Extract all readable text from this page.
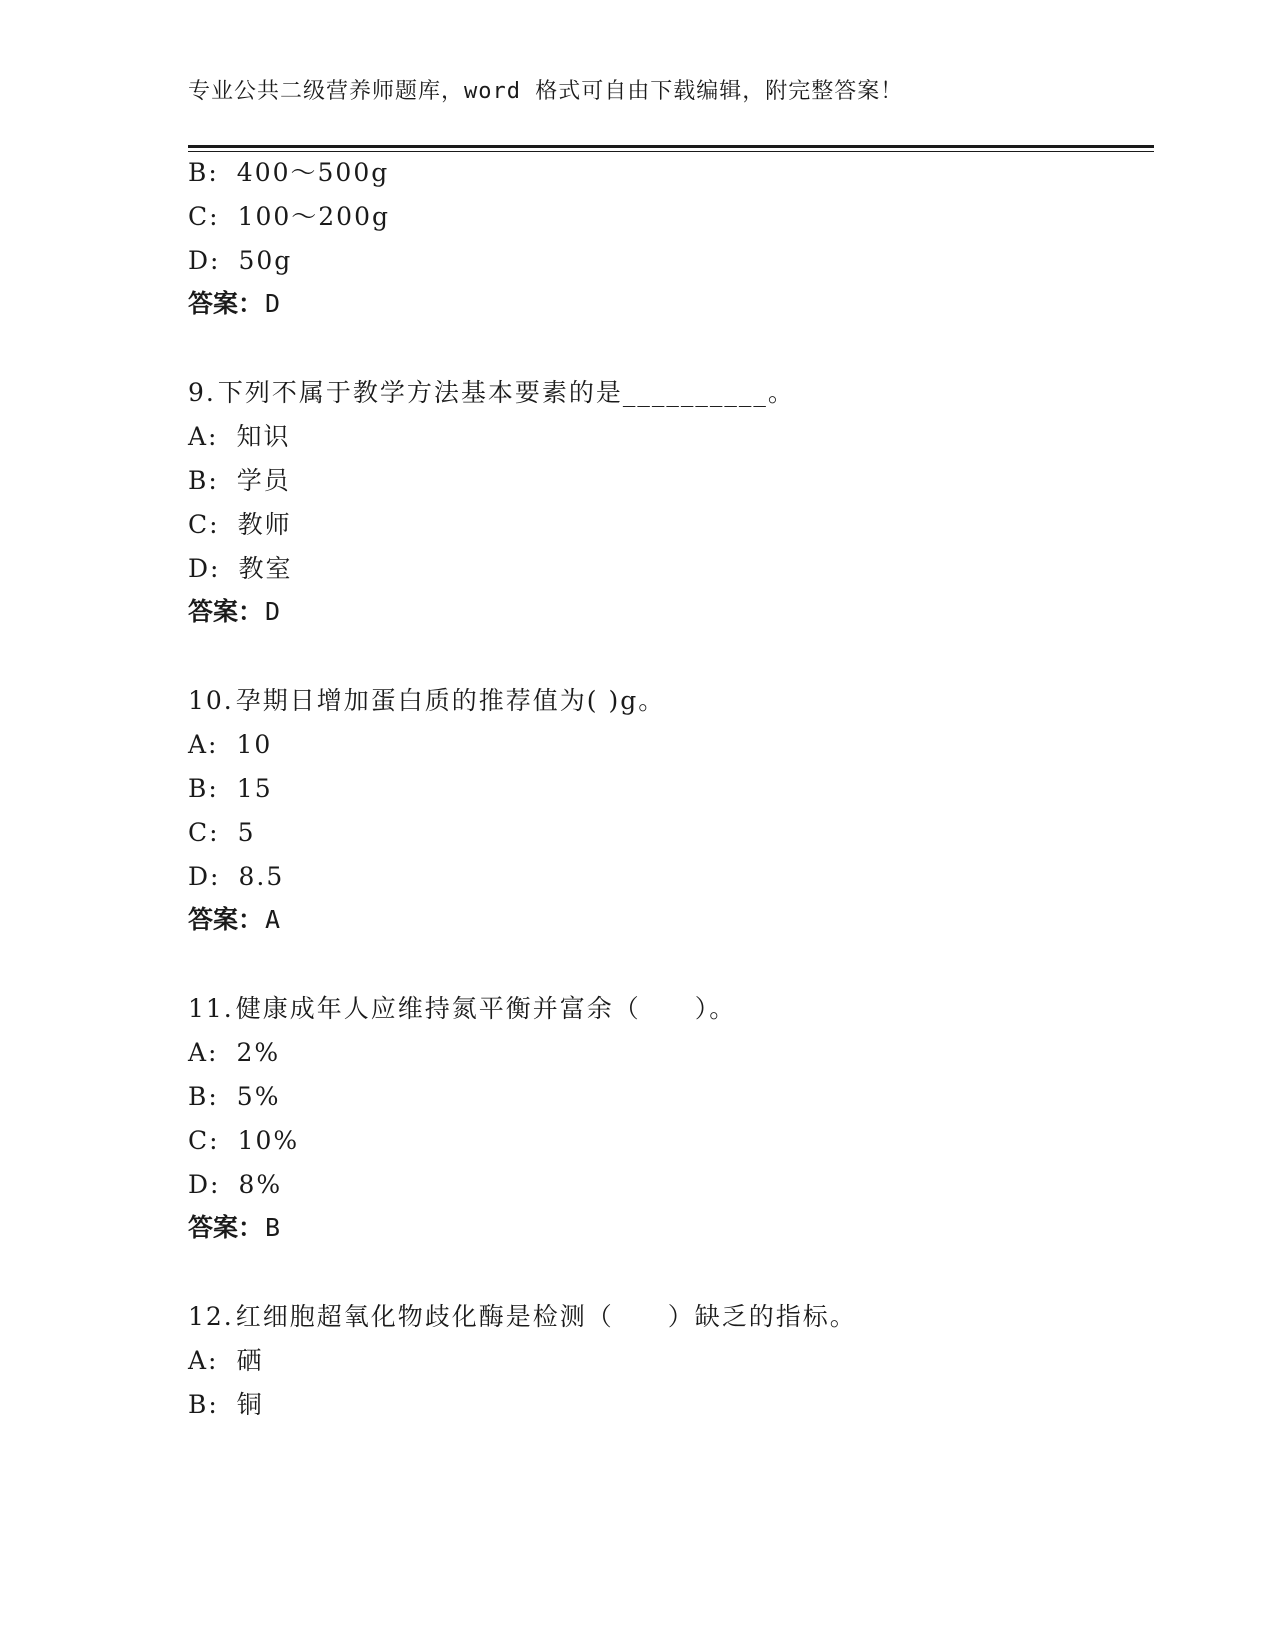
专业公共二级营养师题库，word 格式可自由下载编辑，附完整答案！
B: 400～500g
C: 100～200g
D: 50g
答案：D
9.下列不属于教学方法基本要素的是__________。
A: 知识
B: 学员
C: 教师
D: 教室
答案：D
10.孕期日增加蛋白质的推荐值为( )g。
A: 10
B: 15
C: 5
D: 8.5
答案：A
11.健康成年人应维持氮平衡并富余（　　）。
A: 2%
B: 5%
C: 10%
D: 8%
答案：B
12.红细胞超氧化物歧化酶是检测（　　）缺乏的指标。
A: 硒
B: 铜
